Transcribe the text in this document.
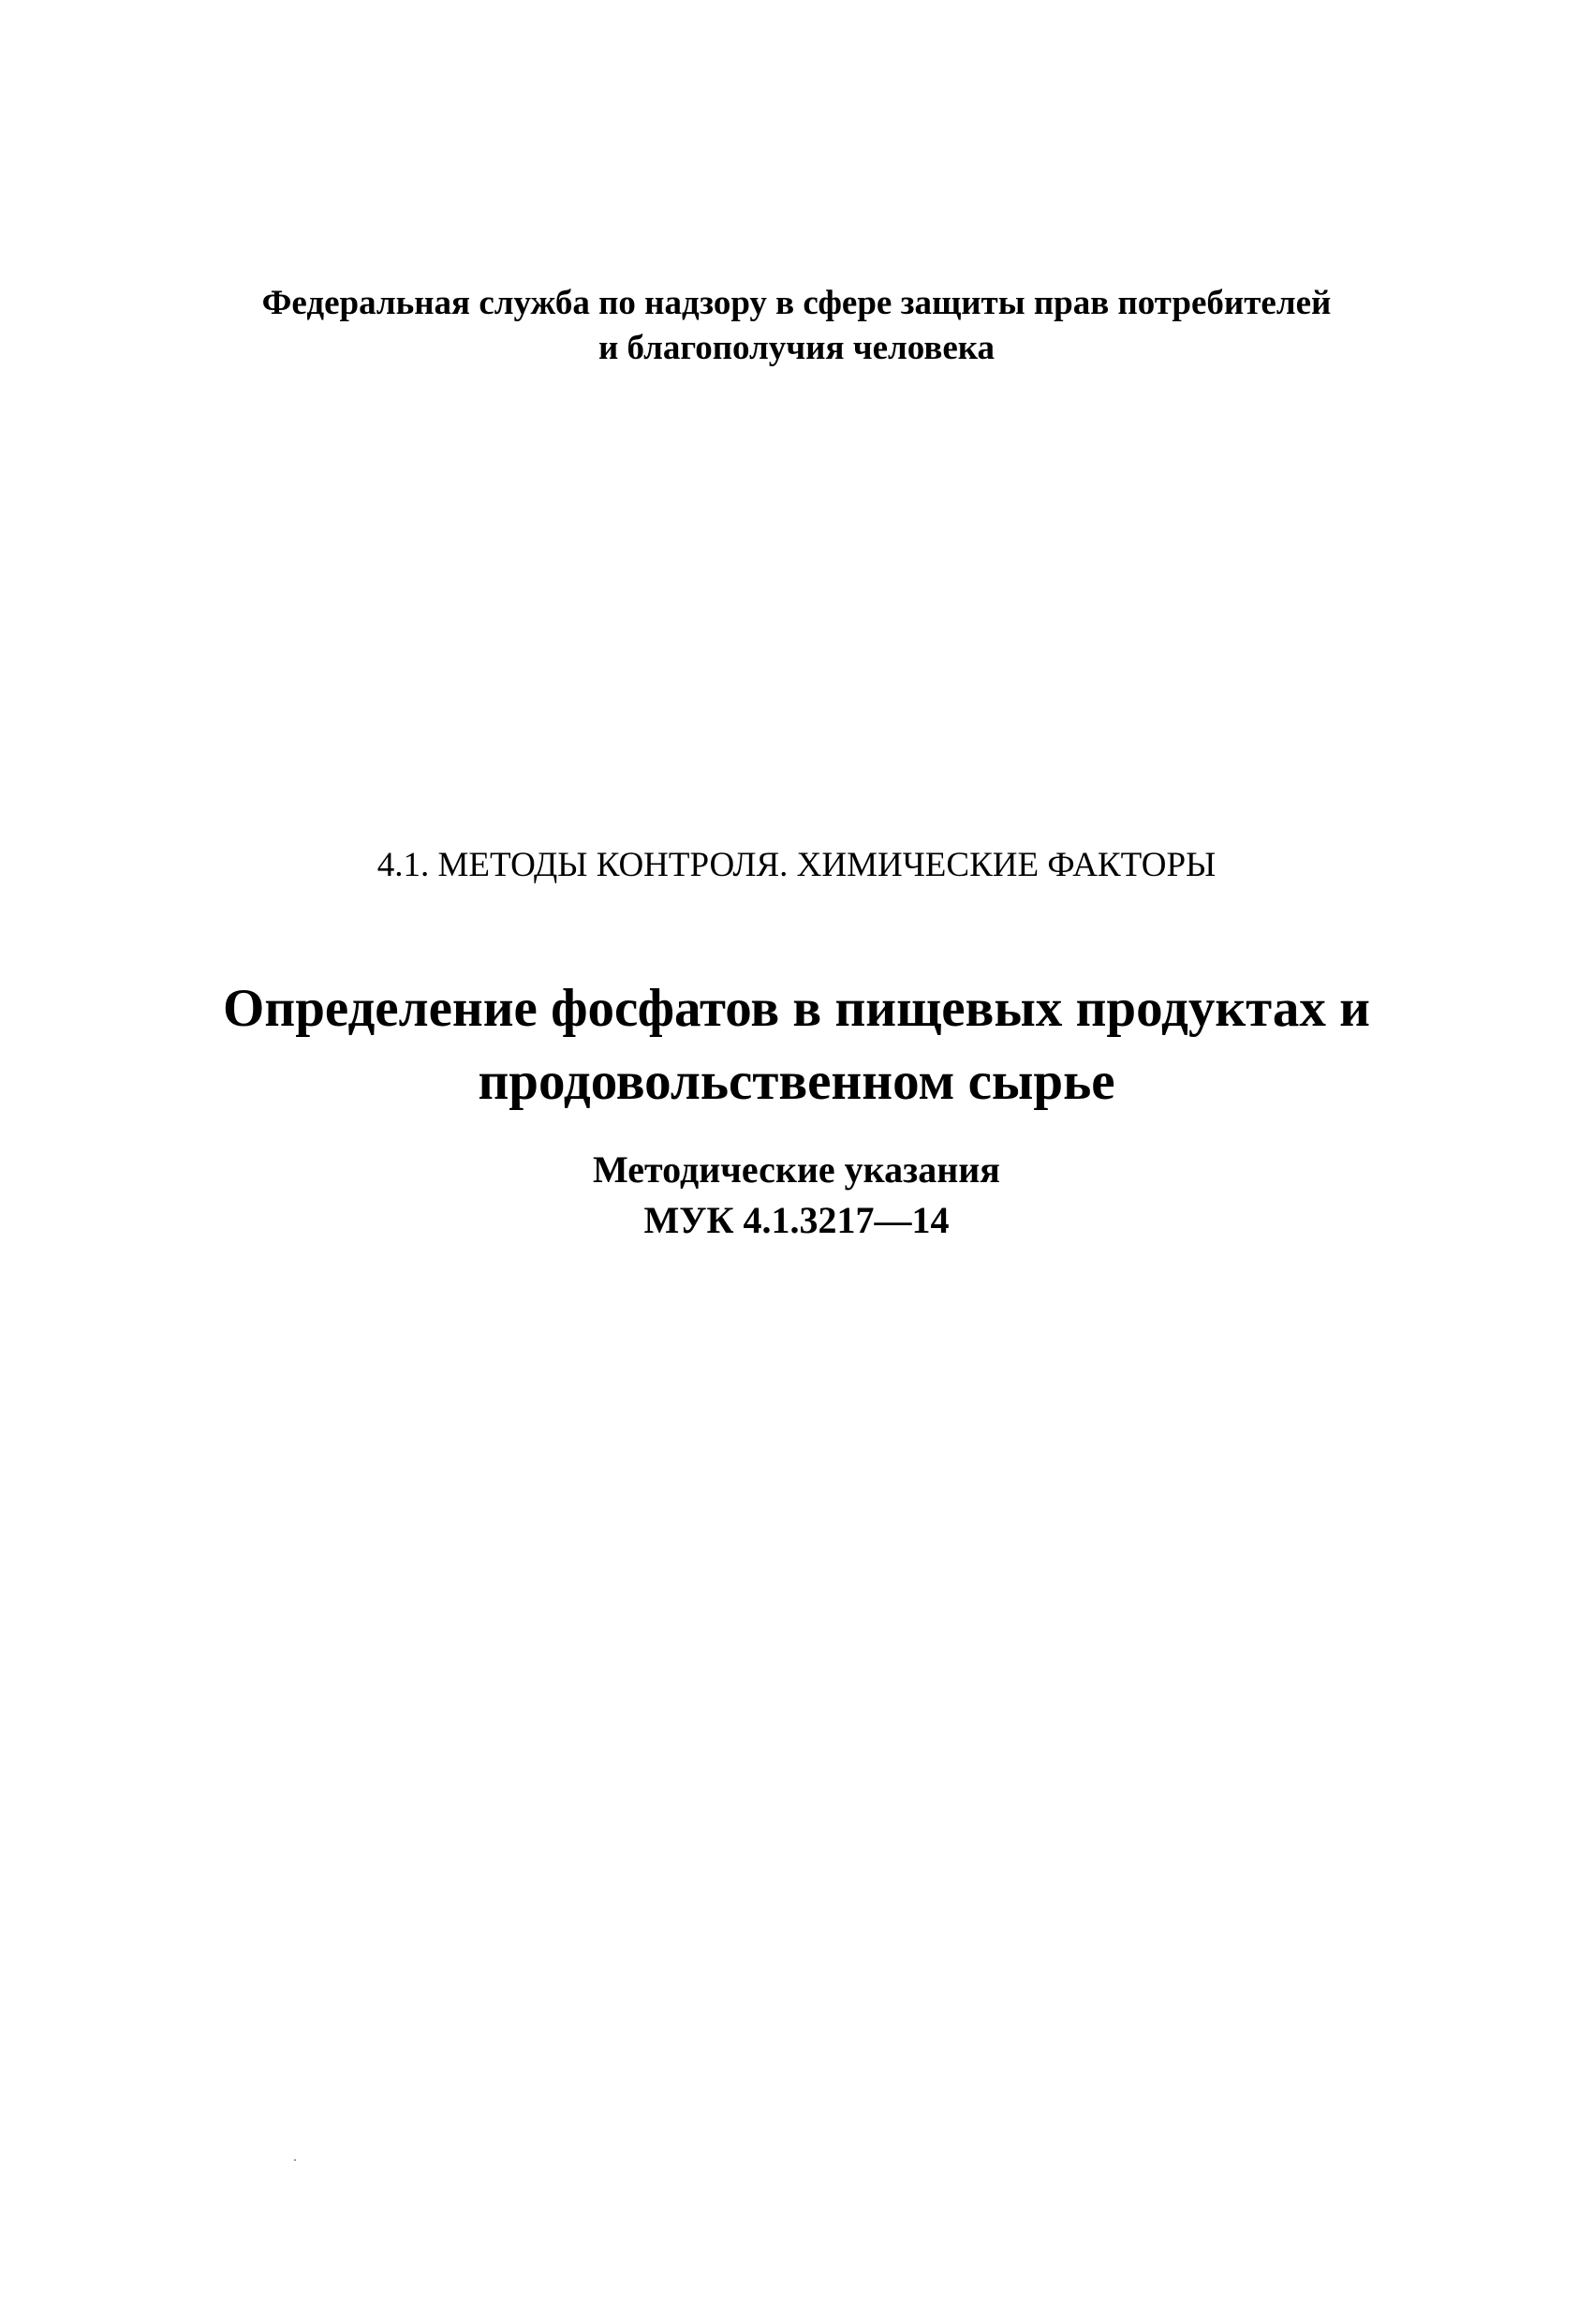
Федеральная служба по надзору в сфере защиты прав потребителей
и благополучия человека
4.1. МЕТОДЫ КОНТРОЛЯ. ХИМИЧЕСКИЕ ФАКТОРЫ
Определение фосфатов в пищевых продуктах и
продовольственном сырье
Методические указания
МУК 4.1.3217—14
